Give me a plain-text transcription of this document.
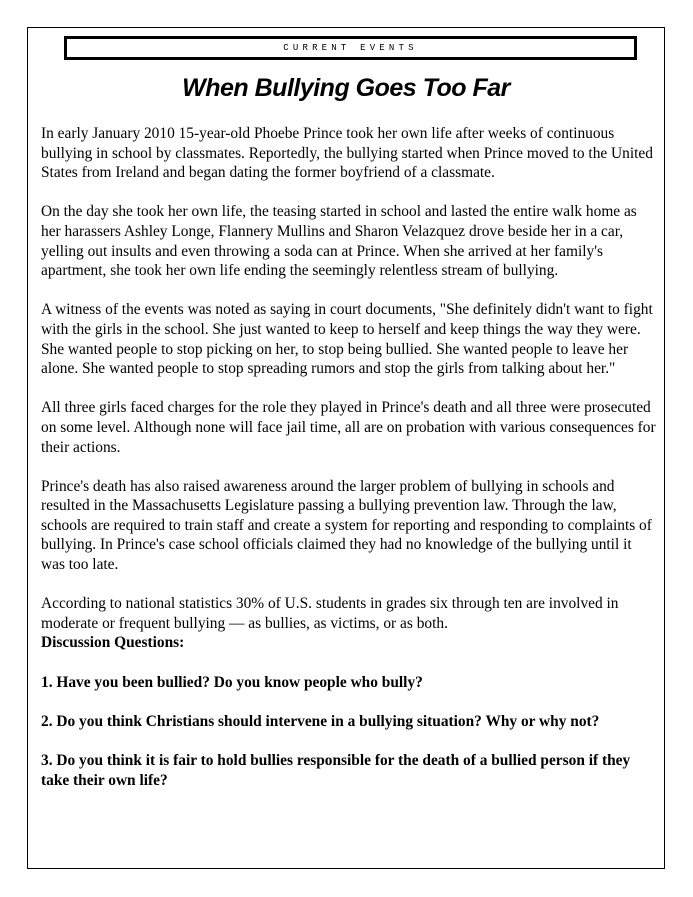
CURRENT EVENTS
When Bullying Goes Too Far

In early January 2010 15-year-old Phoebe Prince took her own life after weeks of continuous bullying in school by classmates. Reportedly, the bullying started when Prince moved to the United States from Ireland and began dating the former boyfriend of a classmate.

On the day she took her own life, the teasing started in school and lasted the entire walk home as her harassers Ashley Longe, Flannery Mullins and Sharon Velazquez drove beside her in a car, yelling out insults and even throwing a soda can at Prince. When she arrived at her family's apartment, she took her own life ending the seemingly relentless stream of bullying.

A witness of the events was noted as saying in court documents, "She definitely didn't want to fight with the girls in the school. She just wanted to keep to herself and keep things the way they were. She wanted people to stop picking on her, to stop being bullied. She wanted people to leave her alone. She wanted people to stop spreading rumors and stop the girls from talking about her."

All three girls faced charges for the role they played in Prince's death and all three were prosecuted on some level. Although none will face jail time, all are on probation with various consequences for their actions.

Prince's death has also raised awareness around the larger problem of bullying in schools and resulted in the Massachusetts Legislature passing a bullying prevention law. Through the law, schools are required to train staff and create a system for reporting and responding to complaints of bullying. In Prince's case school officials claimed they had no knowledge of the bullying until it was too late.

According to national statistics 30% of U.S. students in grades six through ten are involved in moderate or frequent bullying — as bullies, as victims, or as both.

Discussion Questions:

1. Have you been bullied? Do you know people who bully?

2. Do you think Christians should intervene in a bullying situation? Why or why not?

3. Do you think it is fair to hold bullies responsible for the death of a bullied person if they take their own life?
